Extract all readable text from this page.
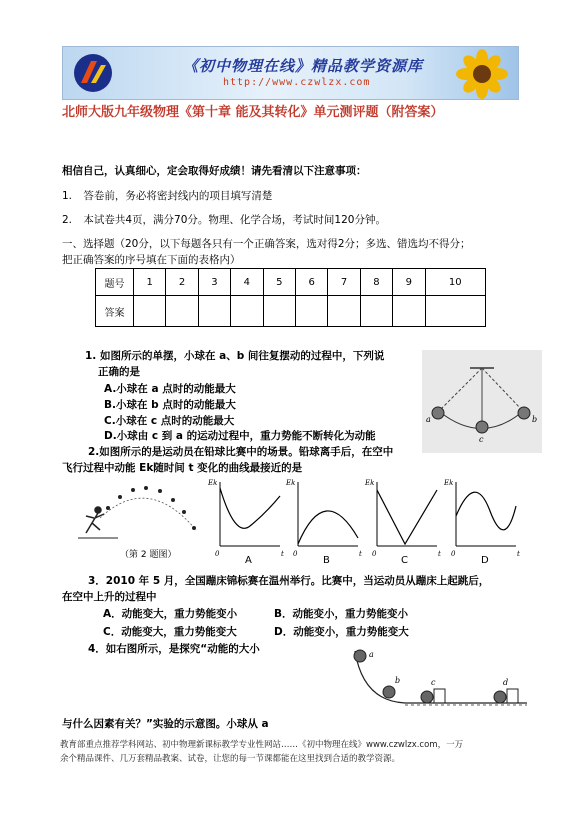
《初中物理在线》精品教学资源库
http://www.czwlzx.com
北师大版九年级物理《第十章 能及其转化》单元测评题（附答案）
相信自己，认真细心，定会取得好成绩！请先看清以下注意事项：
1. 答卷前，务必将密封线内的项目填写清楚
2. 本试卷共4页，满分70分。物理、化学合场，考试时间120分钟。
一、选择题（20分，以下每题各只有一个正确答案，选对得2分；多选、错选均不得分；
把正确答案的序号填在下面的表格内）
题号	1	2	3	4	5	6	7	8	9	10
答案										
1. 如图所示的单摆，小球在 a、b 间往复摆动的过程中，下列说
正确的是
A.小球在 a 点时的动能最大
B.小球在 b 点时的动能最大
C.小球在 c 点时的动能最大
D.小球由 c 到 a 的运动过程中，重力势能不断转化为动能
a
c
b
2.如图所示的是运动员在铅球比赛中的场景。铅球离手后，在空中
飞行过程中动能 Ek随时间 t 变化的曲线最接近的是
（第 2 题图）
Ek
t
0
Ek
t
0
Ek
t
0
Ek
t
0
A	B	C	D
3．2010 年 5 月，全国蹦床锦标赛在温州举行。比赛中，当运动员从蹦床上起跳后，
在空中上升的过程中
A．动能变大，重力势能变小	B．动能变小，重力势能变小
C．动能变大，重力势能变大	D．动能变小，重力势能变大
4．如右图所示，是探究“动能的大小
与什么因素有关？”实验的示意图。小球从 a
a
b	c	d
教育部重点推荐学科网站、初中物理新课标教学专业性网站……《初中物理在线》www.czwlzx.com，一万
余个精品课件、几万套精品教案、试卷，让您的每一节课都能在这里找到合适的教学资源。
